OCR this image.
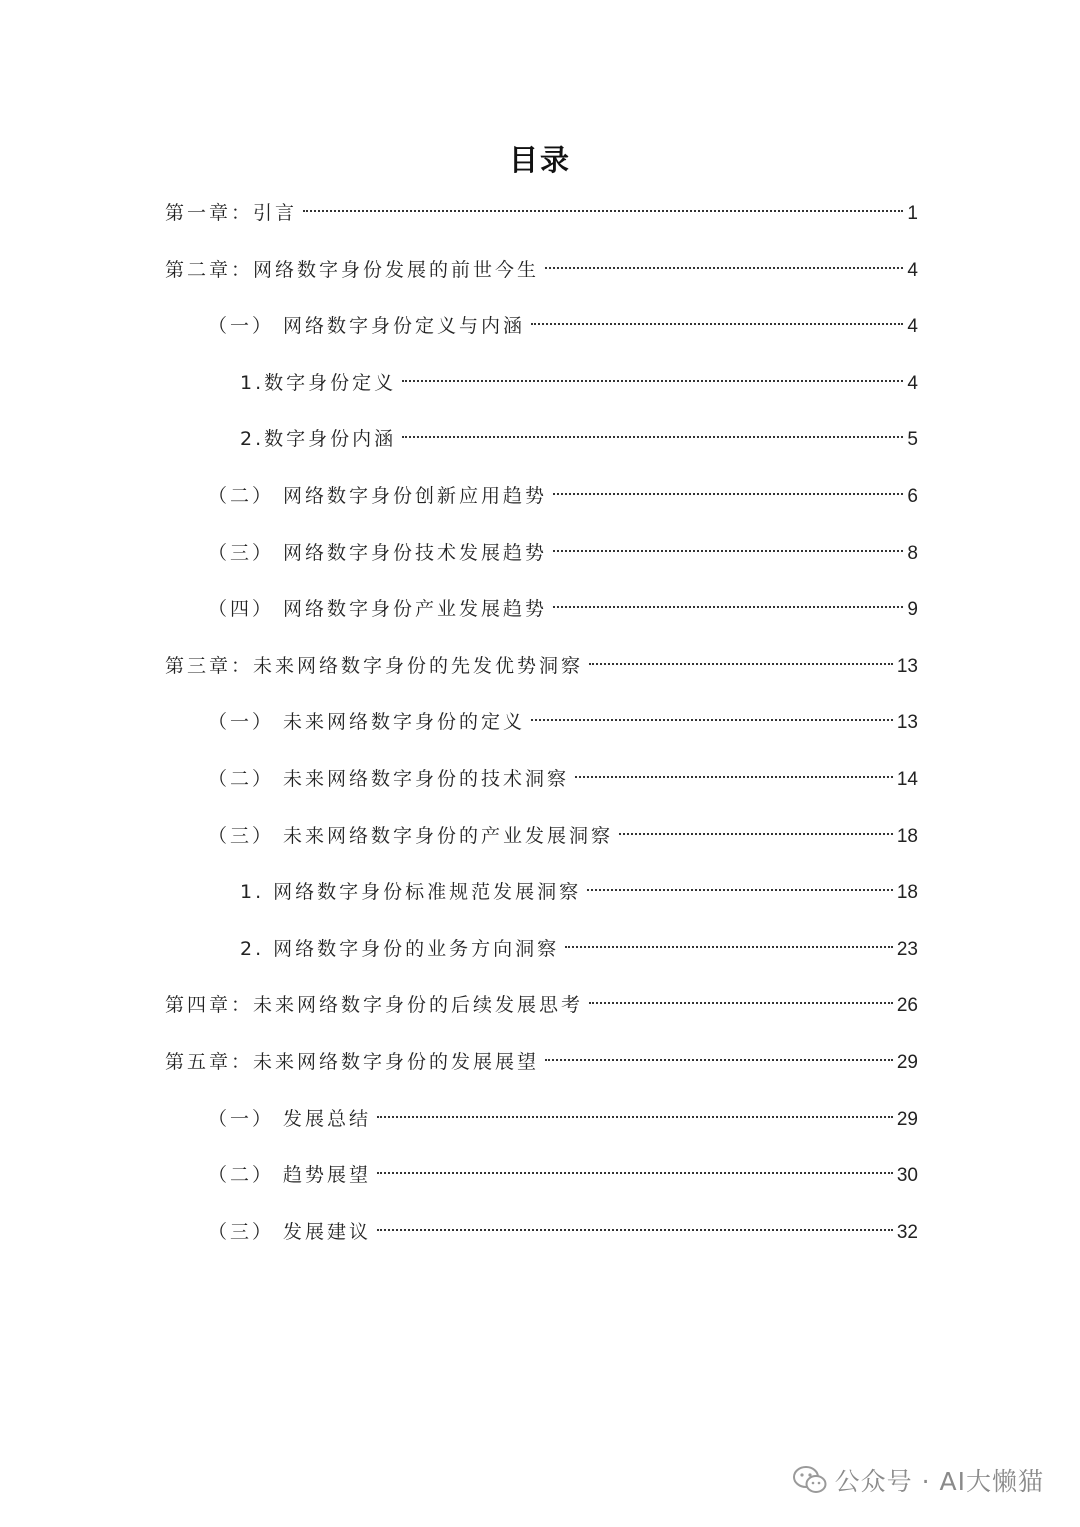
目录
第一章：引言	1
第二章：网络数字身份发展的前世今生	4
（一） 网络数字身份定义与内涵	4
1.数字身份定义	4
2.数字身份内涵	5
（二） 网络数字身份创新应用趋势	6
（三） 网络数字身份技术发展趋势	8
（四） 网络数字身份产业发展趋势	9
第三章：未来网络数字身份的先发优势洞察	13
（一） 未来网络数字身份的定义	13
（二） 未来网络数字身份的技术洞察	14
（三） 未来网络数字身份的产业发展洞察	18
1. 网络数字身份标准规范发展洞察	18
2. 网络数字身份的业务方向洞察	23
第四章：未来网络数字身份的后续发展思考	26
第五章：未来网络数字身份的发展展望	29
（一） 发展总结	29
（二） 趋势展望	30
（三） 发展建议	32
公众号 · AI大懒猫
